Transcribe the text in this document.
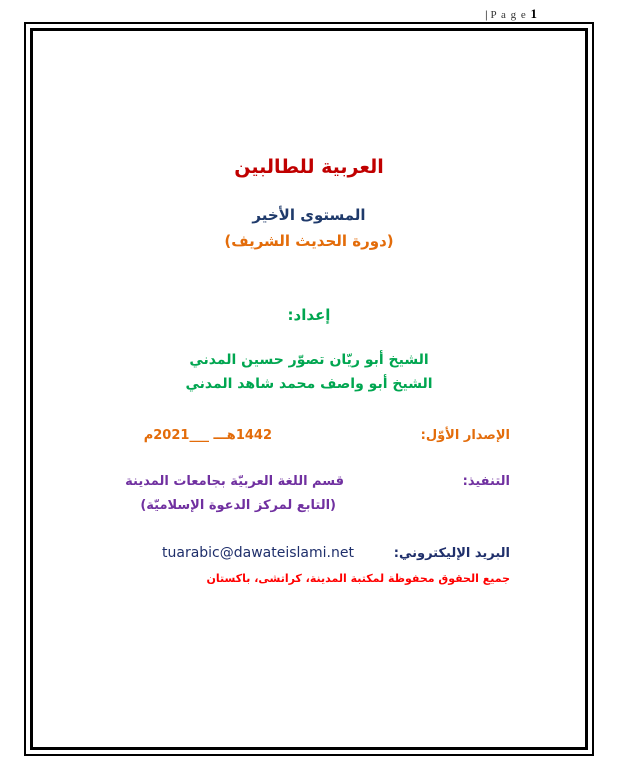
| P a g e 1
العربية للطالبين
المستوى الأخير
(دورة الحديث الشريف)
إعداد:
الشيخ أبو ريّان تصوّر حسين المدني
الشيخ أبو واصف محمد شاهد المدني
الإصدار الأوّل:
1442هـــ ___2021م
التنفيذ:
قسم اللغة العربيّة بجامعات المدينة
(التابع لمركز الدعوة الإسلاميّة)
البريد الإليكتروني:
tuarabic@dawateislami.net
جميع الحقوق محفوظة لمكتبة المدينة، كراتشى، باكستان
